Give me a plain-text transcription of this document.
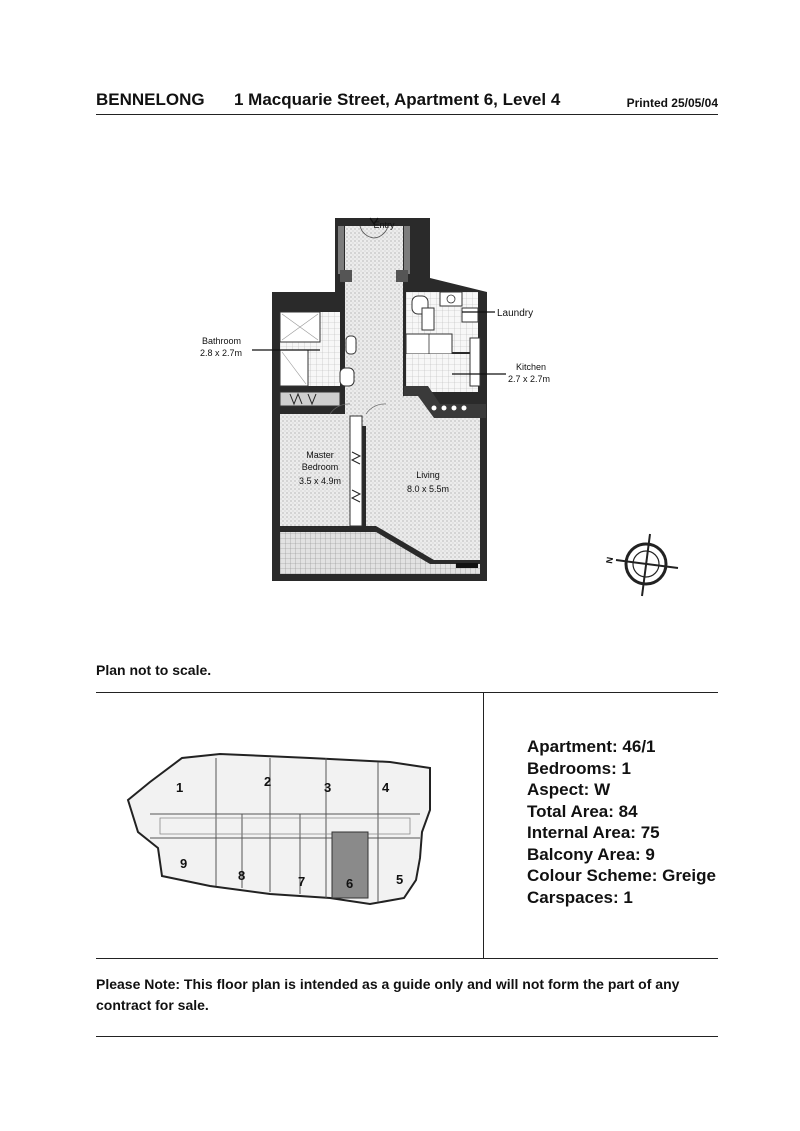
BENNELONG 1 Macquarie Street, Apartment 6, Level 4	Printed 25/05/04
Entry
Laundry
Bathroom
2.8 x 2.7m
Kitchen
2.7 x 2.7m
Master
Bedroom
3.5 x 4.9m
Living
8.0 x 5.5m
N
Plan not to scale.
1	2	3	4
5
6
7
8
9
Apartment: 46/1
Bedrooms: 1
Aspect: W
Total Area: 84
Internal Area: 75
Balcony Area: 9
Colour Scheme: Greige
Carspaces: 1
Please Note: This floor plan is intended as a guide only and will not form the part of any contract for sale.
